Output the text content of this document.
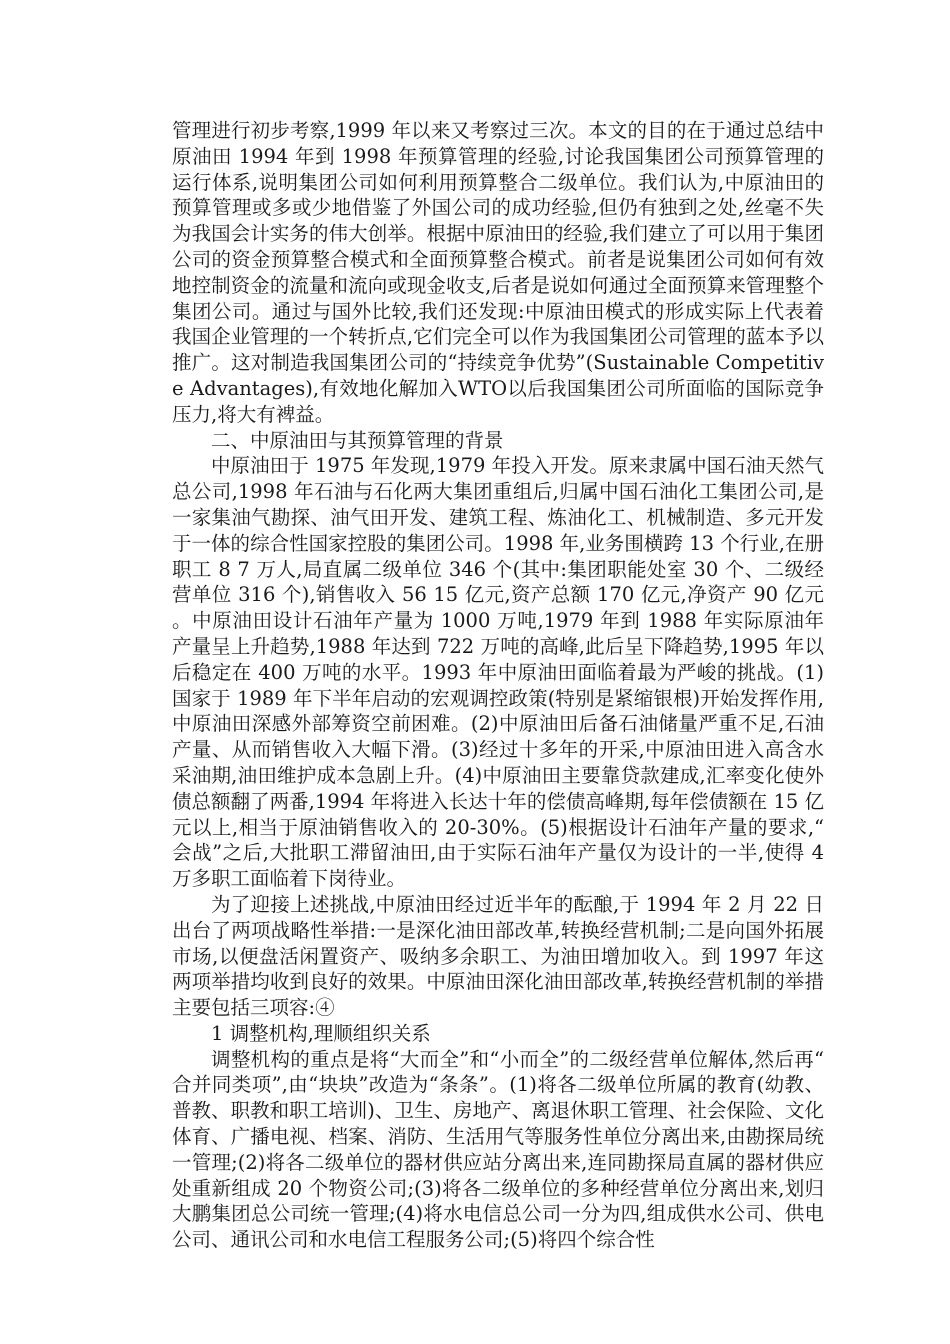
管理进行初步考察,1999 年以来又考察过三次。本文的目的在于通过总结中原油田 1994 年到 1998 年预算管理的经验,讨论我国集团公司预算管理的运行体系,说明集团公司如何利用预算整合二级单位。我们认为,中原油田的预算管理或多或少地借鉴了外国公司的成功经验,但仍有独到之处,丝毫不失为我国会计实务的伟大创举。根据中原油田的经验,我们建立了可以用于集团公司的资金预算整合模式和全面预算整合模式。前者是说集团公司如何有效地控制资金的流量和流向或现金收支,后者是说如何通过全面预算来管理整个集团公司。通过与国外比较,我们还发现:中原油田模式的形成实际上代表着我国企业管理的一个转折点,它们完全可以作为我国集团公司管理的蓝本予以推广。这对制造我国集团公司的“持续竞争优势”(Sustainable Competitive Advantages),有效地化解加入WTO以后我国集团公司所面临的国际竞争压力,将大有裨益。

二、中原油田与其预算管理的背景

中原油田于 1975 年发现,1979 年投入开发。原来隶属中国石油天然气总公司,1998 年石油与石化两大集团重组后,归属中国石油化工集团公司,是一家集油气勘探、油气田开发、建筑工程、炼油化工、机械制造、多元开发于一体的综合性国家控股的集团公司。1998 年,业务围横跨 13 个行业,在册职工 8 7 万人,局直属二级单位 346 个(其中:集团职能处室 30 个、二级经营单位 316 个),销售收入 56 15 亿元,资产总额 170 亿元,净资产 90 亿元。中原油田设计石油年产量为 1000 万吨,1979 年到 1988 年实际原油年产量呈上升趋势,1988 年达到 722 万吨的高峰,此后呈下降趋势,1995 年以后稳定在 400 万吨的水平。1993 年中原油田面临着最为严峻的挑战。(1)国家于 1989 年下半年启动的宏观调控政策(特别是紧缩银根)开始发挥作用,中原油田深感外部筹资空前困难。(2)中原油田后备石油储量严重不足,石油产量、从而销售收入大幅下滑。(3)经过十多年的开采,中原油田进入高含水采油期,油田维护成本急剧上升。(4)中原油田主要靠贷款建成,汇率变化使外债总额翻了两番,1994 年将进入长达十年的偿债高峰期,每年偿债额在 15 亿元以上,相当于原油销售收入的 20-30%。(5)根据设计石油年产量的要求,“会战”之后,大批职工滞留油田,由于实际石油年产量仅为设计的一半,使得 4 万多职工面临着下岗待业。

为了迎接上述挑战,中原油田经过近半年的酝酿,于 1994 年 2 月 22 日出台了两项战略性举措:一是深化油田部改革,转换经营机制;二是向国外拓展市场,以便盘活闲置资产、吸纳多余职工、为油田增加收入。到 1997 年这两项举措均收到良好的效果。中原油田深化油田部改革,转换经营机制的举措主要包括三项容:④

1 调整机构,理顺组织关系

调整机构的重点是将“大而全”和“小而全”的二级经营单位解体,然后再“合并同类项”,由“块块”改造为“条条”。(1)将各二级单位所属的教育(幼教、普教、职教和职工培训)、卫生、房地产、离退休职工管理、社会保险、文化体育、广播电视、档案、消防、生活用气等服务性单位分离出来,由勘探局统一管理;(2)将各二级单位的器材供应站分离出来,连同勘探局直属的器材供应处重新组成 20 个物资公司;(3)将各二级单位的多种经营单位分离出来,划归大鹏集团总公司统一管理;(4)将水电信总公司一分为四,组成供水公司、供电公司、通讯公司和水电信工程服务公司;(5)将四个综合性
